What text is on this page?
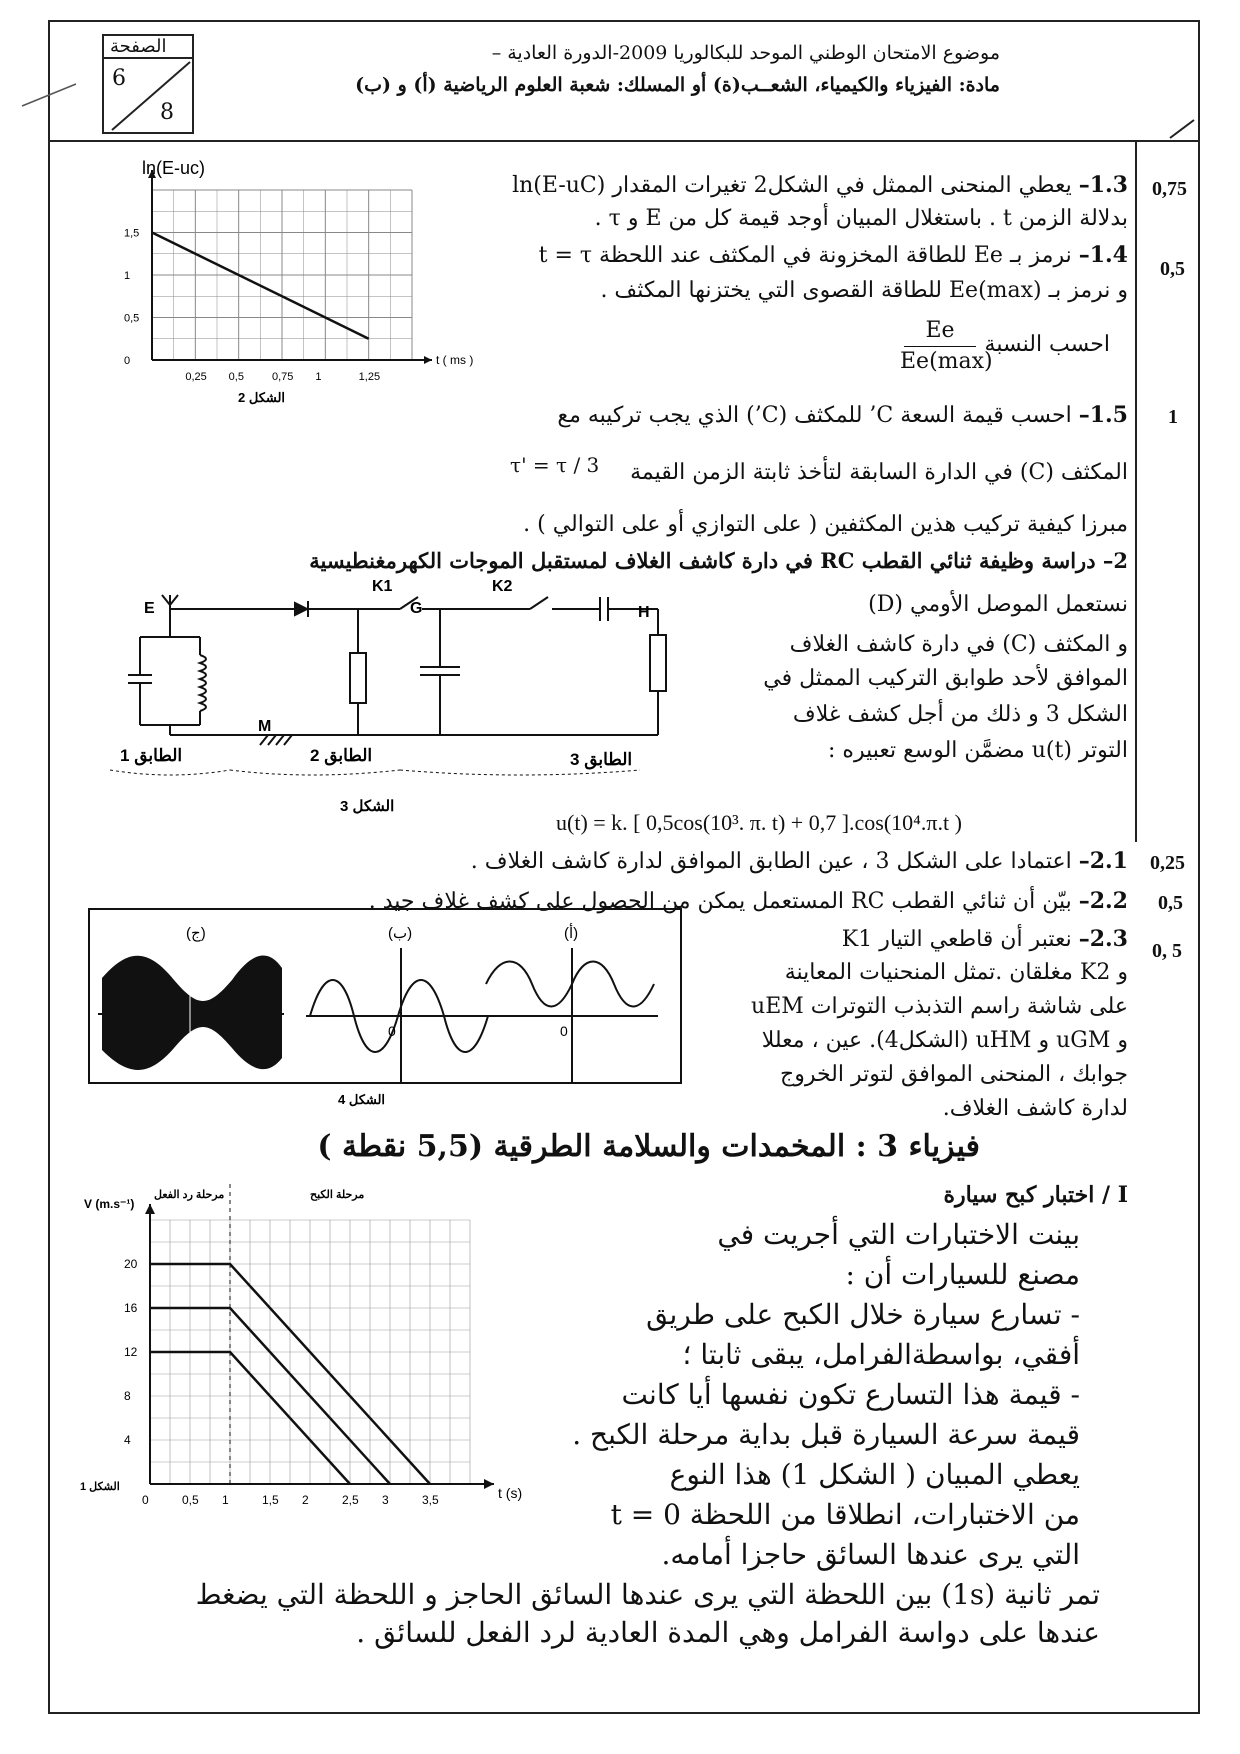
الصفحة
6
8
موضوع الامتحان الوطني الموحد للبكالوريا 2009-الدورة العادية –
مادة: الفيزياء والكيمياء، الشعــب(ة) أو المسلك: شعبة العلوم الرياضية (أ) و (ب)
0,75
0,5
1
0,25
0,5
0, 5
1.3– يعطي المنحنى الممثل في الشكل2 تغيرات المقدار ln(E-uC)
بدلالة الزمن t . باستغلال المبيان أوجد قيمة كل من E و τ .
1.4– نرمز بـ Ee للطاقة المخزونة في المكثف عند اللحظة t = τ
و نرمز بـ Ee(max) للطاقة القصوى التي يختزنها المكثف .
احسب النسبة
Ee
Ee(max)
1.5– احسب قيمة السعة C’ للمكثف (C’) الذي يجب تركيبه مع
المكثف (C) في الدارة السابقة لتأخذ ثابتة الزمن القيمة
τ' = τ / 3
مبرزا كيفية تركيب هذين المكثفين ( على التوازي أو على التوالي ) .
1,5
1
0,5
0
0,25 0,5	0,75 1	1,25
t ( ms )
ln(E-uc)
الشكل 2
2– دراسة وظيفة ثنائي القطب RC في دارة كاشف الغلاف لمستقبل الموجات الكهرمغنطيسية
نستعمل الموصل الأومي (D)
و المكثف (C) في دارة كاشف الغلاف
الموافق لأحد طوابق التركيب الممثل في
الشكل 3 و ذلك من أجل كشف غلاف
التوتر u(t) مضمَّن الوسع تعبيره :
u(t) = k. [ 0,5cos(10³. π. t) + 0,7 ].cos(10⁴.π.t )
E
K1
G
K2
H
M
الطابق 1	الطابق 2	الطابق 3
الشكل 3
2.1– اعتمادا على الشكل 3 ، عين الطابق الموافق لدارة كاشف الغلاف .
2.2– بيّن أن ثنائي القطب RC المستعمل يمكن من الحصول على كشف غلاف جيد .
2.3– نعتبر أن قاطعي التيار K1
و K2 مغلقان .تمثل المنحنيات المعاينة
على شاشة راسم التذبذب التوترات uEM
و uGM و uHM (الشكل4). عين ، معللا
جوابك ، المنحنى الموافق لتوتر الخروج
لدارة كاشف الغلاف.
(ج)	(ب)	(أ)
0	0
الشكل 4
فيزياء 3 : المخمدات والسلامة الطرقية (5,5 نقطة )
I / اختبار كبح سيارة
بينت الاختبارات التي أجريت في
مصنع للسيارات أن :
- تسارع سيارة خلال الكبح على طريق
أفقي، بواسطةالفرامل، يبقى ثابتا ؛
- قيمة هذا التسارع تكون نفسها أيا كانت
قيمة سرعة السيارة قبل بداية مرحلة الكبح .
يعطي المبيان ( الشكل 1) هذا النوع
من الاختبارات، انطلاقا من اللحظة t = 0
التي يرى عندها السائق حاجزا أمامه.
تمر ثانية (1s) بين اللحظة التي يرى عندها السائق الحاجز و اللحظة التي يضغط
عندها على دواسة الفرامل وهي المدة العادية لرد الفعل للسائق .
20
16
12
8
4
0	0,5 1	1,5 2	2,5 3	3,5	t (s)
V (m.s⁻¹)
مرحلة رد الفعل	مرحلة الكبح
الشكل 1
